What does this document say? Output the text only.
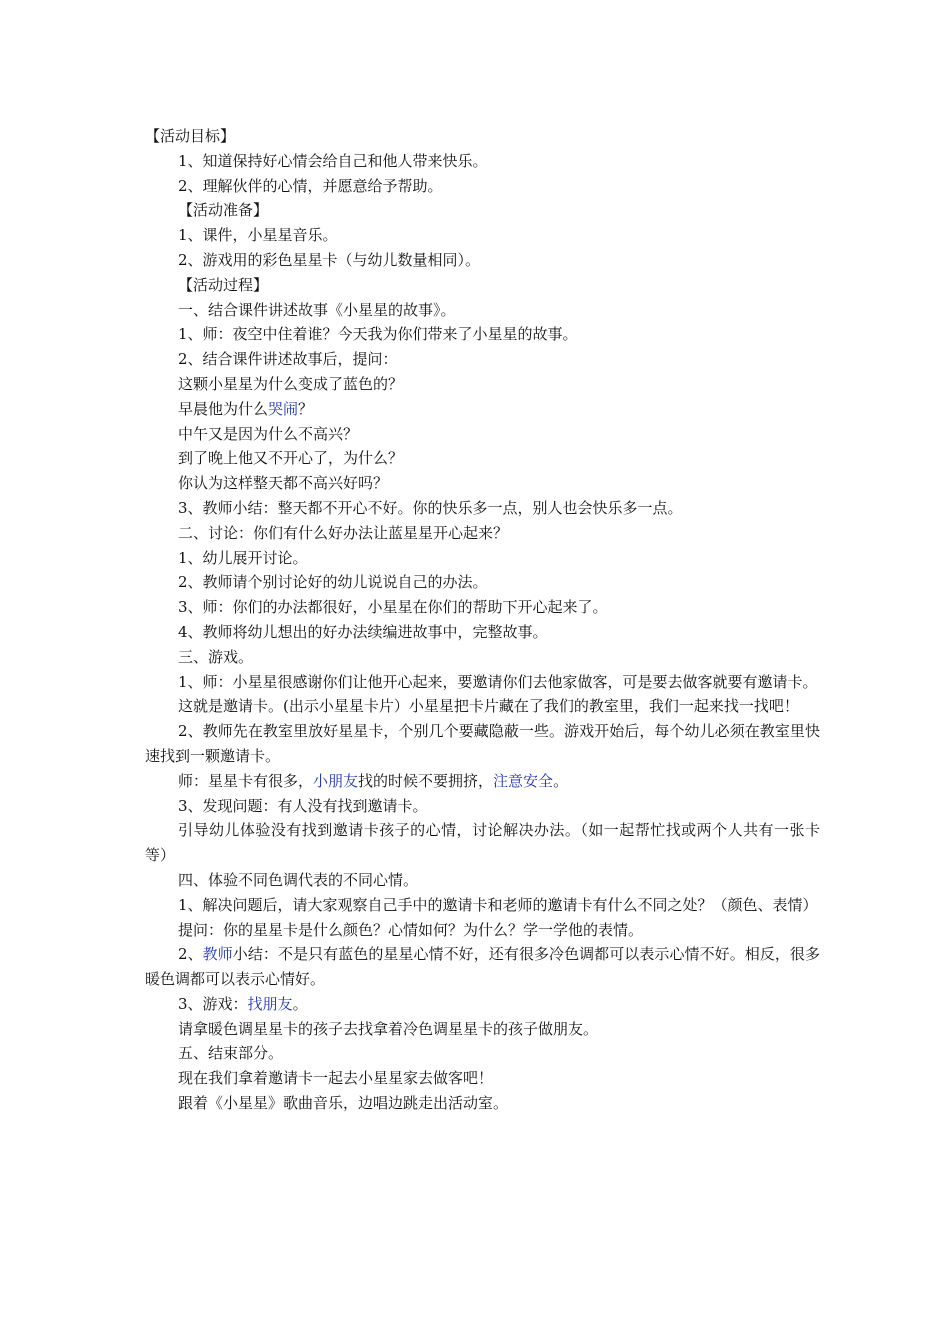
【活动目标】
1、知道保持好心情会给自己和他人带来快乐。
2、理解伙伴的心情，并愿意给予帮助。
【活动准备】
1、课件，小星星音乐。
2、游戏用的彩色星星卡（与幼儿数量相同）。
【活动过程】
一、结合课件讲述故事《小星星的故事》。
1、师：夜空中住着谁？今天我为你们带来了小星星的故事。
2、结合课件讲述故事后，提问：
这颗小星星为什么变成了蓝色的？
早晨他为什么哭闹？
中午又是因为什么不高兴？
到了晚上他又不开心了，为什么？
你认为这样整天都不高兴好吗？
3、教师小结：整天都不开心不好。你的快乐多一点，别人也会快乐多一点。
二、讨论：你们有什么好办法让蓝星星开心起来？
1、幼儿展开讨论。
2、教师请个别讨论好的幼儿说说自己的办法。
3、师：你们的办法都很好，小星星在你们的帮助下开心起来了。
4、教师将幼儿想出的好办法续编进故事中，完整故事。
三、游戏。
1、师：小星星很感谢你们让他开心起来，要邀请你们去他家做客，可是要去做客就要有邀请卡。
这就是邀请卡。(出示小星星卡片）小星星把卡片藏在了我们的教室里，我们一起来找一找吧！
2、教师先在教室里放好星星卡，个别几个要藏隐蔽一些。游戏开始后，每个幼儿必须在教室里快速找到一颗邀请卡。
师：星星卡有很多，小朋友找的时候不要拥挤，注意安全。
3、发现问题：有人没有找到邀请卡。
引导幼儿体验没有找到邀请卡孩子的心情，讨论解决办法。（如一起帮忙找或两个人共有一张卡等）
四、体验不同色调代表的不同心情。
1、解决问题后，请大家观察自己手中的邀请卡和老师的邀请卡有什么不同之处？（颜色、表情）
提问：你的星星卡是什么颜色？心情如何？为什么？学一学他的表情。
2、教师小结：不是只有蓝色的星星心情不好，还有很多冷色调都可以表示心情不好。相反，很多暖色调都可以表示心情好。
3、游戏：找朋友。
请拿暖色调星星卡的孩子去找拿着冷色调星星卡的孩子做朋友。
五、结束部分。
现在我们拿着邀请卡一起去小星星家去做客吧！
跟着《小星星》歌曲音乐，边唱边跳走出活动室。
